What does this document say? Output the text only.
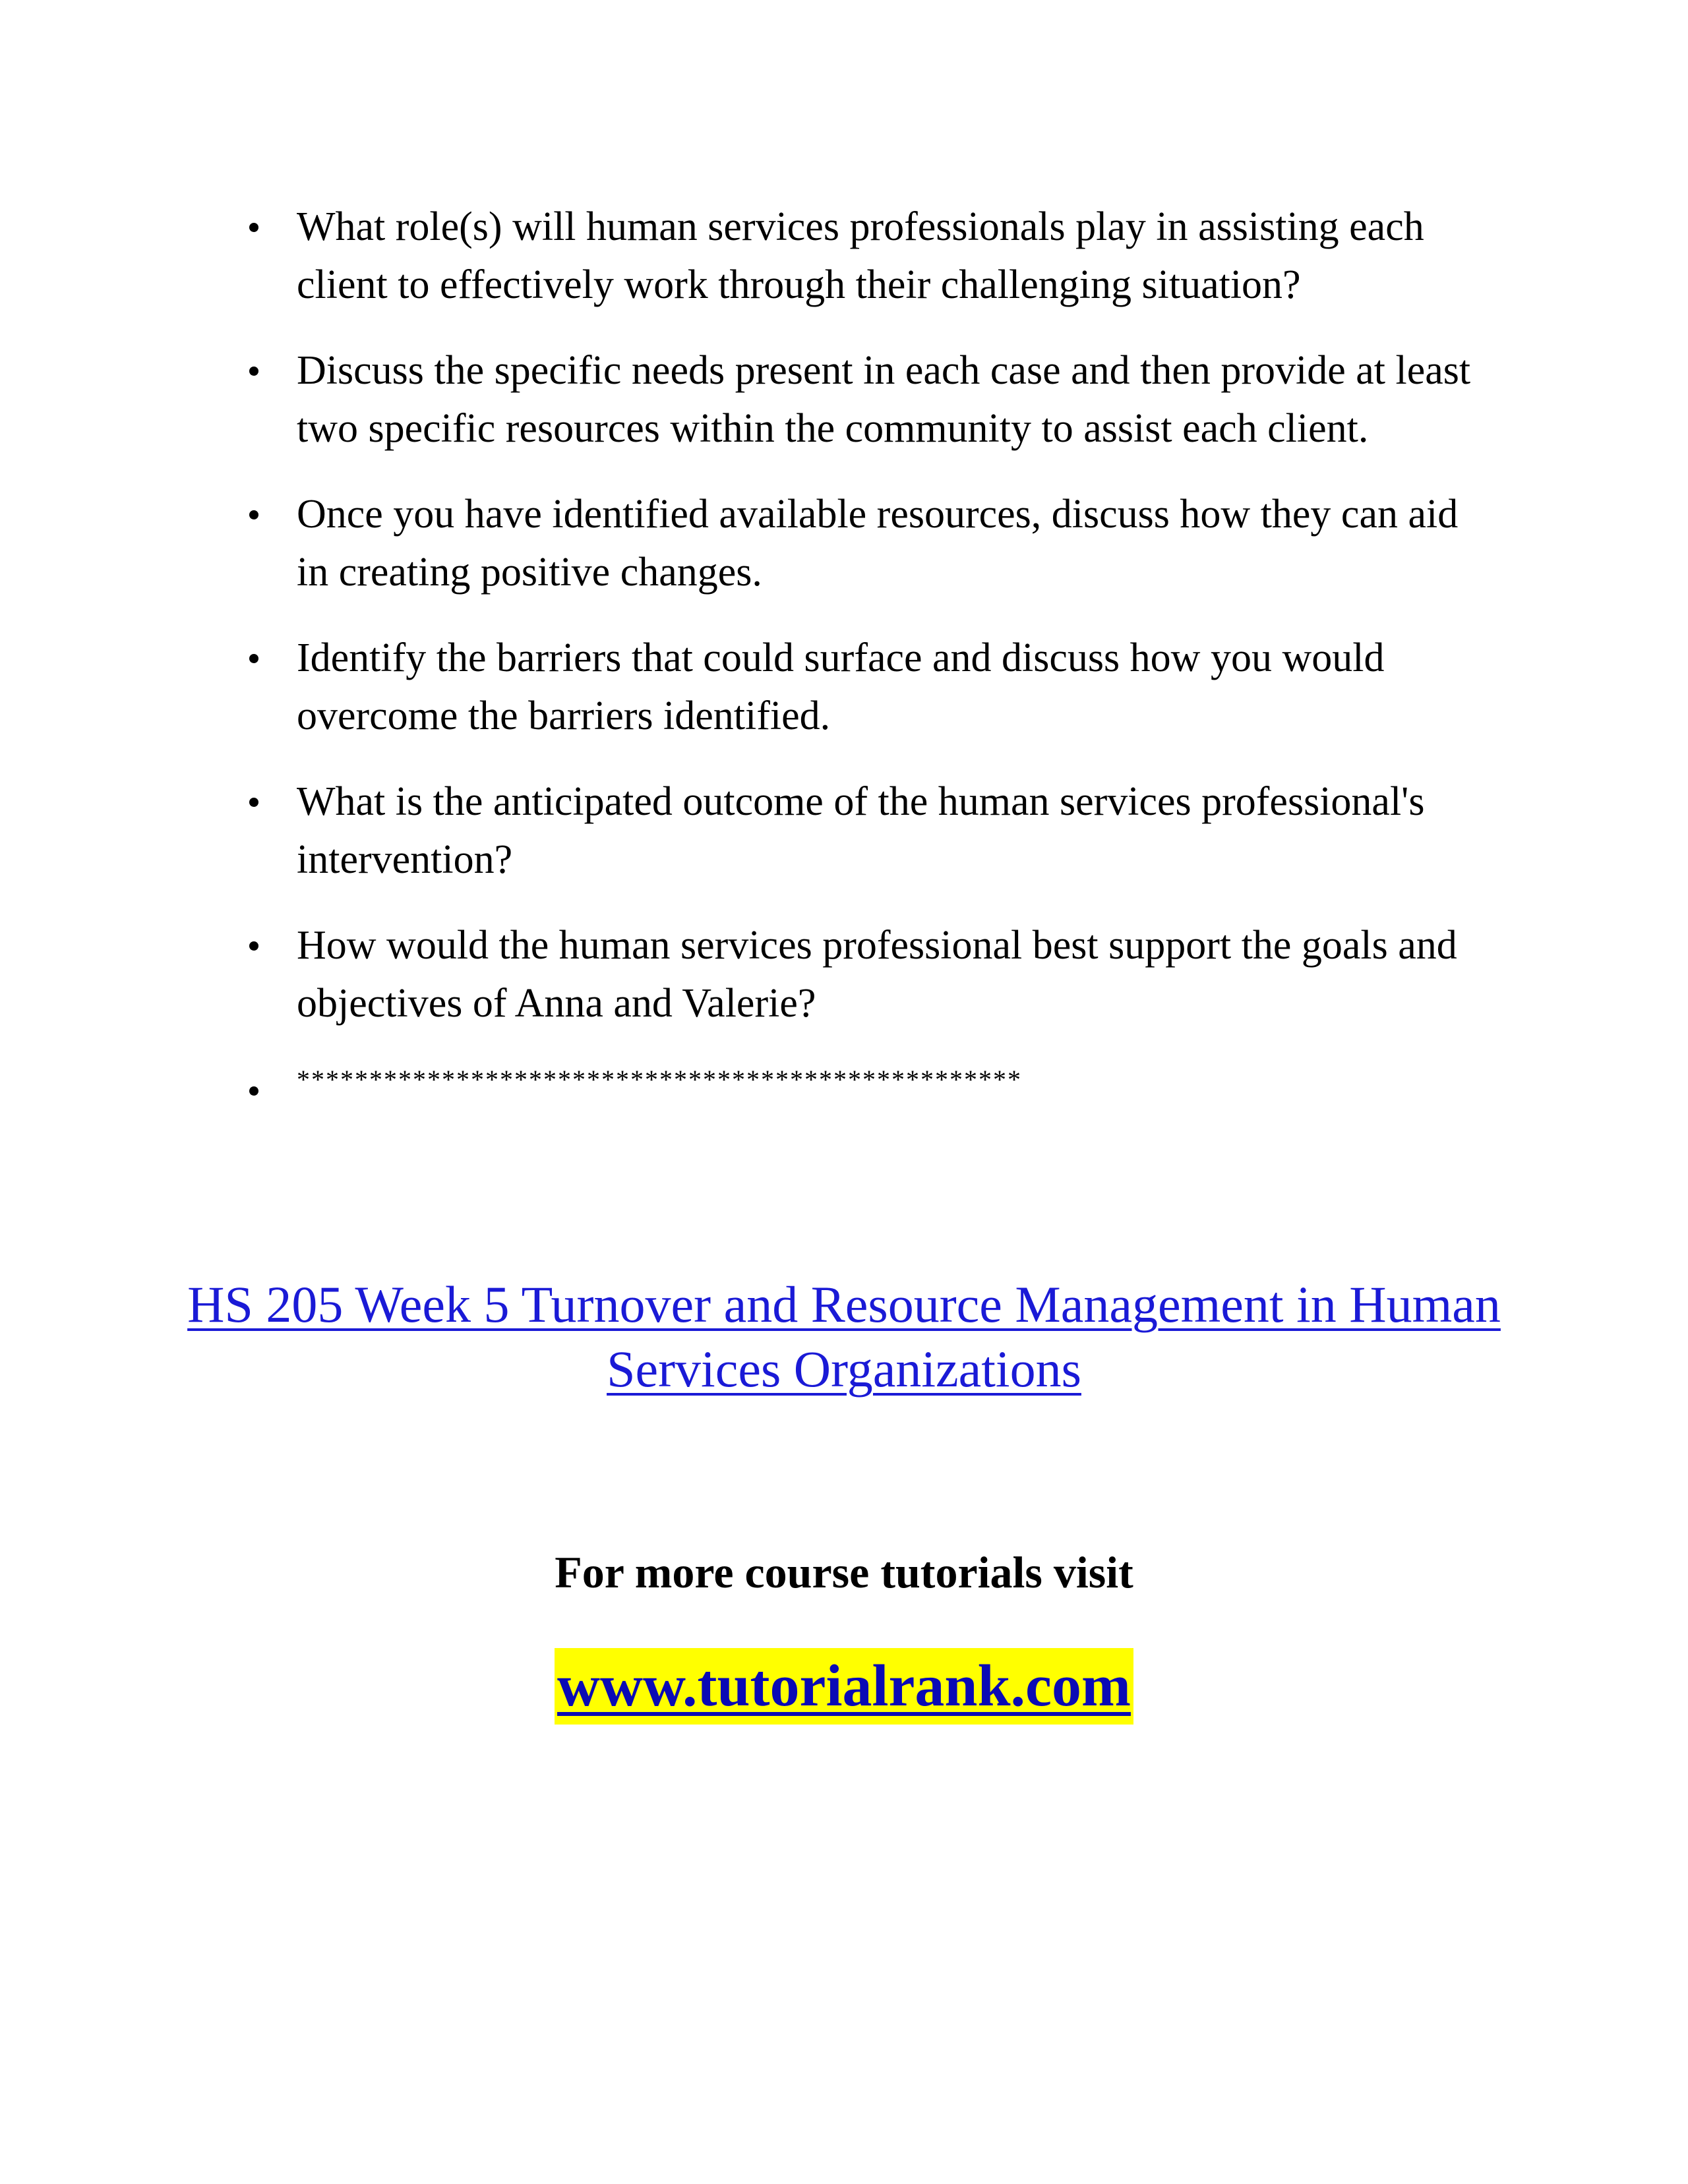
What role(s) will human services professionals play in assisting each client to effectively work through their challenging situation?
Discuss the specific needs present in each case and then provide at least two specific resources within the community to assist each client.
Once you have identified available resources, discuss how they can aid in creating positive changes.
Identify the barriers that could surface and discuss how you would overcome the barriers identified.
What is the anticipated outcome of the human services professional's intervention?
How would the human services professional best support the goals and objectives of Anna and Valerie?
**************************************************
HS 205 Week 5 Turnover and Resource Management in Human Services Organizations
For more course tutorials visit
www.tutorialrank.com
